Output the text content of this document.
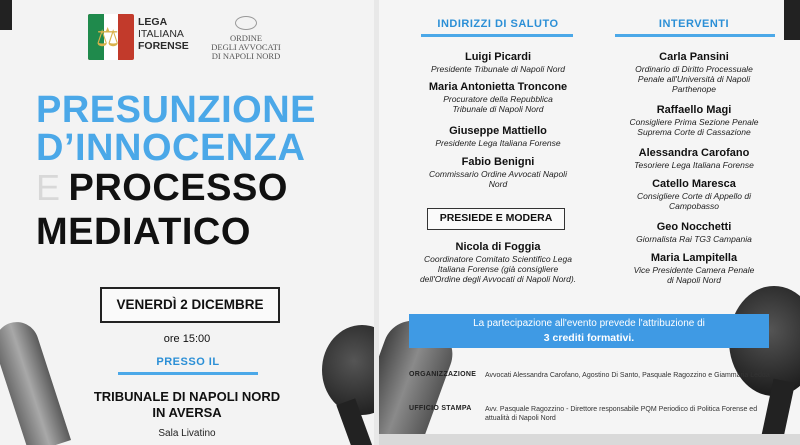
⚖ LEGA
ITALIANA
FORENSE
ORDINE
DEGLI AVVOCATI
DI NAPOLI NORD
PRESUNZIONE
D’INNOCENZA
E PROCESSO
MEDIATICO
VENERDÌ 2 DICEMBRE
ore 15:00
PRESSO IL
TRIBUNALE DI NAPOLI NORD
IN AVERSA
Sala Livatino
INDIRIZZI DI SALUTO	INTERVENTI
Luigi Picardi
Presidente Tribunale di Napoli Nord
Maria Antonietta Troncone
Procuratore della Repubblica Tribunale di Napoli Nord
Giuseppe Mattiello
Presidente Lega Italiana Forense
Fabio Benigni
Commissario Ordine Avvocati Napoli Nord
PRESIEDE E MODERA
Nicola di Foggia
Coordinatore Comitato Scientifico Lega Italiana Forense (già consigliere dell'Ordine degli Avvocati di Napoli Nord).
Carla Pansini
Ordinario di Diritto Processuale Penale all'Università di Napoli Parthenope
Raffaello Magi
Consigliere Prima Sezione Penale Suprema Corte di Cassazione
Alessandra Carofano
Tesoriere Lega Italiana Forense
Catello Maresca
Consigliere Corte di Appello di Campobasso
Geo Nocchetti
Giornalista Rai TG3 Campania
Maria Lampitella
Vice Presidente Camera Penale di Napoli Nord
La partecipazione all'evento prevede l'attribuzione di
3 crediti formativi.
ORGANIZZAZIONE Avvocati Alessandra Carofano, Agostino Di Santo, Pasquale Ragozzino e Giammaria Ledda
UFFICIO STAMPA Avv. Pasquale Ragozzino - Direttore responsabile PQM Periodico di Politica Forense ed attualità di Napoli Nord
